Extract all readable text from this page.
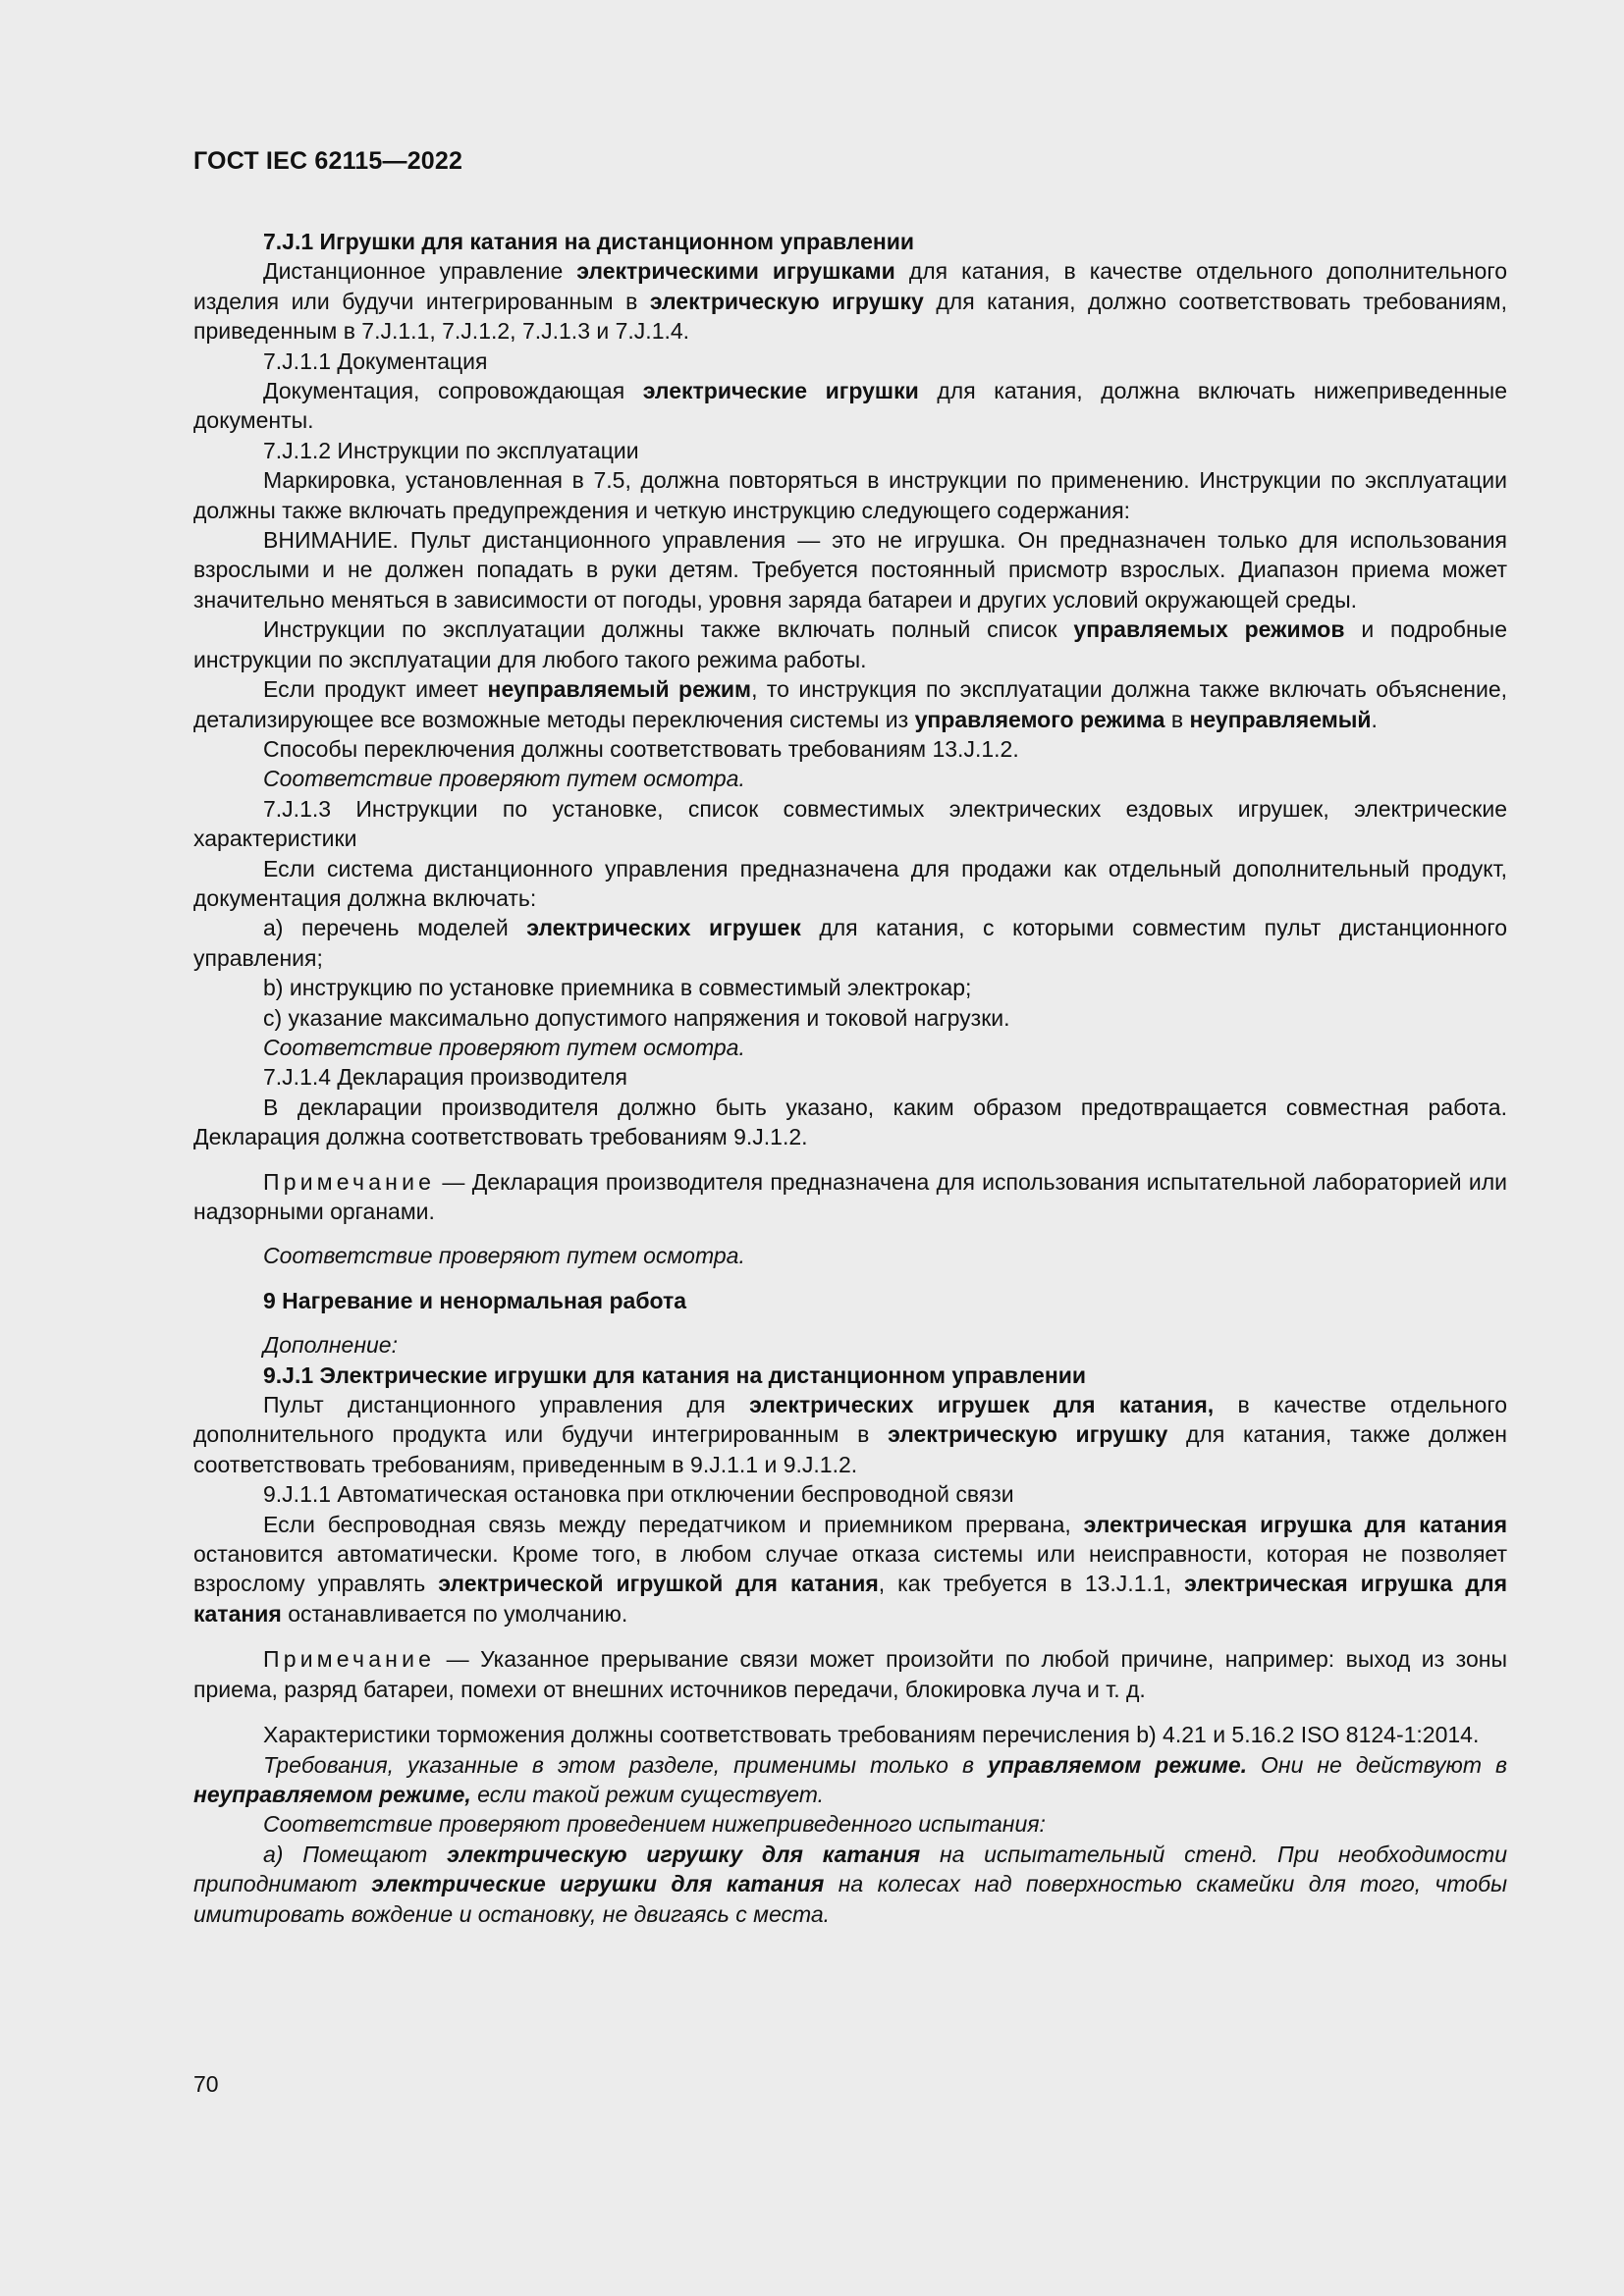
ГОСТ IEC 62115—2022

7.J.1 Игрушки для катания на дистанционном управлении

Дистанционное управление электрическими игрушками для катания, в качестве отдельного дополнительного изделия или будучи интегрированным в электрическую игрушку для катания, должно соответствовать требованиям, приведенным в 7.J.1.1, 7.J.1.2, 7.J.1.3 и 7.J.1.4.

7.J.1.1 Документация

Документация, сопровождающая электрические игрушки для катания, должна включать нижеприведенные документы.

7.J.1.2 Инструкции по эксплуатации

Маркировка, установленная в 7.5, должна повторяться в инструкции по применению. Инструкции по эксплуатации должны также включать предупреждения и четкую инструкцию следующего содержания:

ВНИМАНИЕ. Пульт дистанционного управления — это не игрушка. Он предназначен только для использования взрослыми и не должен попадать в руки детям. Требуется постоянный присмотр взрослых. Диапазон приема может значительно меняться в зависимости от погоды, уровня заряда батареи и других условий окружающей среды.

Инструкции по эксплуатации должны также включать полный список управляемых режимов и подробные инструкции по эксплуатации для любого такого режима работы.

Если продукт имеет неуправляемый режим, то инструкция по эксплуатации должна также включать объяснение, детализирующее все возможные методы переключения системы из управляемого режима в неуправляемый.

Способы переключения должны соответствовать требованиям 13.J.1.2.

Соответствие проверяют путем осмотра.

7.J.1.3 Инструкции по установке, список совместимых электрических ездовых игрушек, электрические характеристики

Если система дистанционного управления предназначена для продажи как отдельный дополнительный продукт, документация должна включать:

a) перечень моделей электрических игрушек для катания, с которыми совместим пульт дистанционного управления;

b) инструкцию по установке приемника в совместимый электрокар;

c) указание максимально допустимого напряжения и токовой нагрузки.

Соответствие проверяют путем осмотра.

7.J.1.4 Декларация производителя

В декларации производителя должно быть указано, каким образом предотвращается совместная работа. Декларация должна соответствовать требованиям 9.J.1.2.

Примечание — Декларация производителя предназначена для использования испытательной лабораторией или надзорными органами.

Соответствие проверяют путем осмотра.

9 Нагревание и ненормальная работа

Дополнение:

9.J.1 Электрические игрушки для катания на дистанционном управлении

Пульт дистанционного управления для электрических игрушек для катания, в качестве отдельного дополнительного продукта или будучи интегрированным в электрическую игрушку для катания, также должен соответствовать требованиям, приведенным в 9.J.1.1 и 9.J.1.2.

9.J.1.1 Автоматическая остановка при отключении беспроводной связи

Если беспроводная связь между передатчиком и приемником прервана, электрическая игрушка для катания остановится автоматически. Кроме того, в любом случае отказа системы или неисправности, которая не позволяет взрослому управлять электрической игрушкой для катания, как требуется в 13.J.1.1, электрическая игрушка для катания останавливается по умолчанию.

Примечание — Указанное прерывание связи может произойти по любой причине, например: выход из зоны приема, разряд батареи, помехи от внешних источников передачи, блокировка луча и т. д.

Характеристики торможения должны соответствовать требованиям перечисления b) 4.21 и 5.16.2 ISO 8124-1:2014.

Требования, указанные в этом разделе, применимы только в управляемом режиме. Они не действуют в неуправляемом режиме, если такой режим существует.

Соответствие проверяют проведением нижеприведенного испытания:

a) Помещают электрическую игрушку для катания на испытательный стенд. При необходимости приподнимают электрические игрушки для катания на колесах над поверхностью скамейки для того, чтобы имитировать вождение и остановку, не двигаясь с места.

70
